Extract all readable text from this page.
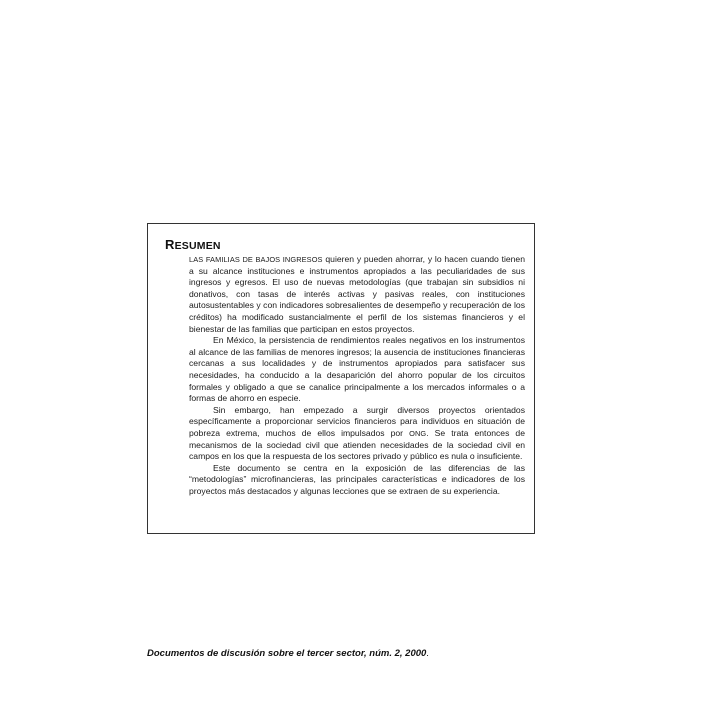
RESUMEN

LAS FAMILIAS DE BAJOS INGRESOS quieren y pueden ahorrar, y lo hacen cuando tienen a su alcance instituciones e instrumentos apropiados a las peculiaridades de sus ingresos y egresos. El uso de nuevas metodologías (que trabajan sin subsidios ni donativos, con tasas de interés activas y pasivas reales, con instituciones autosustentables y con indicadores sobresalientes de desempeño y recuperación de los créditos) ha modificado sustancialmente el perfil de los sistemas financieros y el bienestar de las familias que participan en estos proyectos.

En México, la persistencia de rendimientos reales negativos en los instrumentos al alcance de las familias de menores ingresos; la ausencia de instituciones financieras cercanas a sus localidades y de instrumentos apropiados para satisfacer sus necesidades, ha conducido a la desaparición del ahorro popular de los circuitos formales y obligado a que se canalice principalmente a los mercados informales o a formas de ahorro en especie.

Sin embargo, han empezado a surgir diversos proyectos orientados específicamente a proporcionar servicios financieros para individuos en situación de pobreza extrema, muchos de ellos impulsados por ONG. Se trata entonces de mecanismos de la sociedad civil que atienden necesidades de la sociedad civil en campos en los que la respuesta de los sectores privado y público es nula o insuficiente.

Este documento se centra en la exposición de las diferencias de las “metodologías” microfinancieras, las principales características e indicadores de los proyectos más destacados y algunas lecciones que se extraen de su experiencia.

Documentos de discusión sobre el tercer sector, núm. 2, 2000.
